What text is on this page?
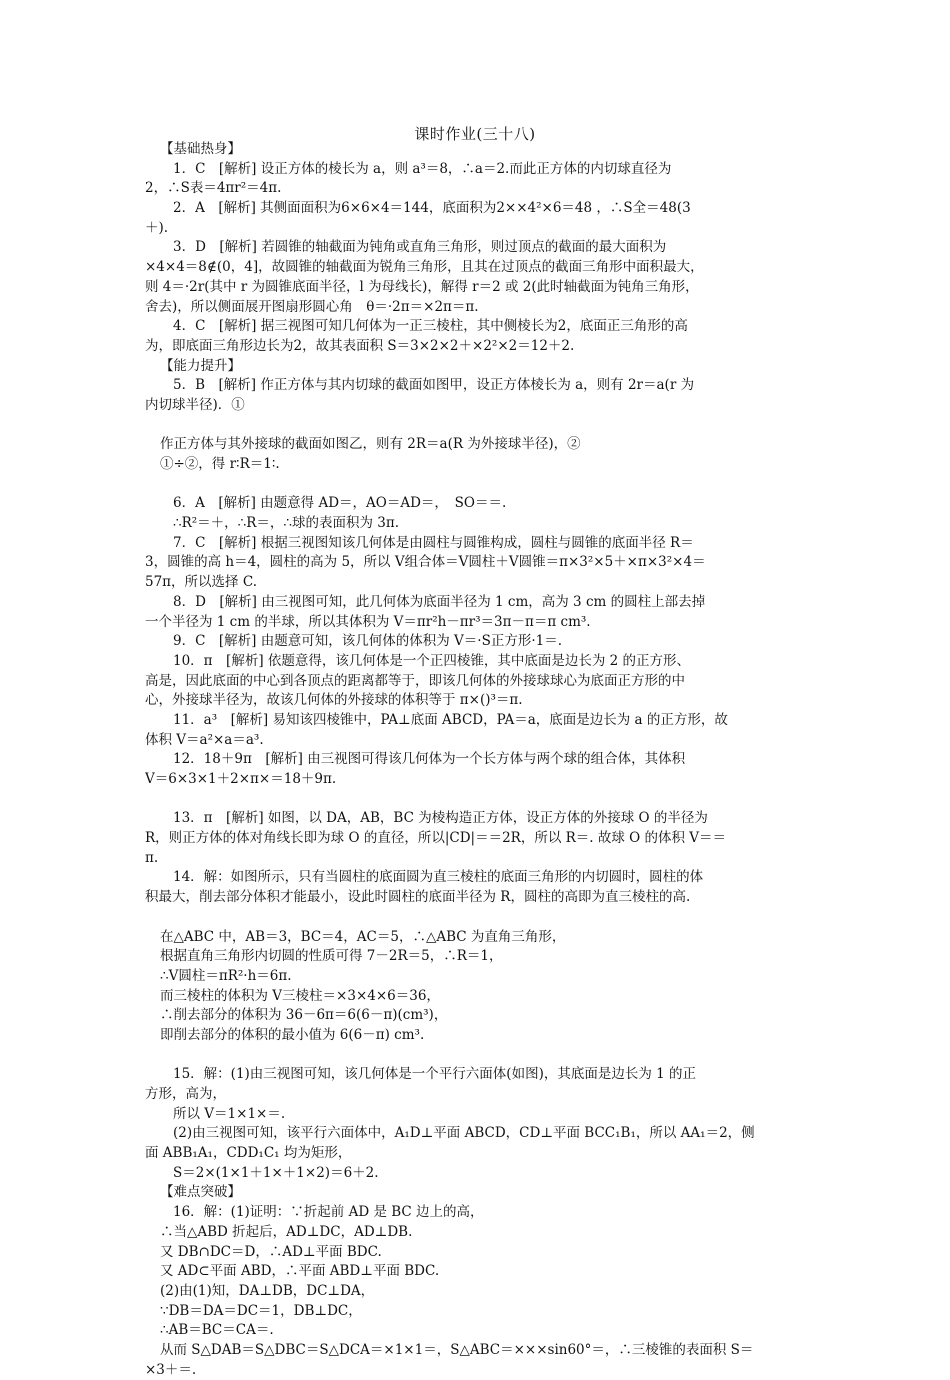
课时作业(三十八)
【基础热身】
1．C　[解析] 设正方体的棱长为 a，则 a³＝8，∴a＝2.而此正方体的内切球直径为
2，∴S表＝4πr²＝4π.
2．A　[解析] 其侧面面积为6×6×4＝144，底面积为2××4²×6＝48 ，∴S全＝48(3
＋).
3．D　[解析] 若圆锥的轴截面为钝角或直角三角形，则过顶点的截面的最大面积为
×4×4＝8∉(0，4]，故圆锥的轴截面为锐角三角形，且其在过顶点的截面三角形中面积最大，
则 4＝·2r(其中 r 为圆锥底面半径，l 为母线长)，解得 r＝2 或 2(此时轴截面为钝角三角形，
舍去)，所以侧面展开图扇形圆心角　θ＝·2π＝×2π＝π.
4．C　[解析] 据三视图可知几何体为一正三棱柱，其中侧棱长为2，底面正三角形的高
为，即底面三角形边长为2，故其表面积 S＝3×2×2＋×2²×2＝12＋2.
【能力提升】
5．B　[解析] 作正方体与其内切球的截面如图甲，设正方体棱长为 a，则有 2r＝a(r 为
内切球半径)．①
作正方体与其外接球的截面如图乙，则有 2R＝a(R 为外接球半径)，②
①÷②，得 r∶R＝1∶.
6．A　[解析] 由题意得 AD＝，AO＝AD＝，　SO＝＝.
∴R²＝＋，∴R＝，∴球的表面积为 3π.
7．C　[解析] 根据三视图知该几何体是由圆柱与圆锥构成，圆柱与圆锥的底面半径 R＝
3，圆锥的高 h＝4，圆柱的高为 5，所以 V组合体＝V圆柱＋V圆锥＝π×3²×5＋×π×3²×4＝
57π，所以选择 C.
8．D　[解析] 由三视图可知，此几何体为底面半径为 1 cm，高为 3 cm 的圆柱上部去掉
一个半径为 1 cm 的半球，所以其体积为 V＝πr²h－πr³＝3π－π＝π cm³.
9．C　[解析] 由题意可知，该几何体的体积为 V＝·S正方形·1＝.
10．π　[解析] 依题意得，该几何体是一个正四棱锥，其中底面是边长为 2 的正方形、
高是，因此底面的中心到各顶点的距离都等于，即该几何体的外接球球心为底面正方形的中
心，外接球半径为，故该几何体的外接球的体积等于 π×()³＝π.
11．a³　[解析] 易知该四棱锥中，PA⊥底面 ABCD，PA＝a，底面是边长为 a 的正方形，故
体积 V＝a²×a＝a³.
12．18＋9π　[解析] 由三视图可得该几何体为一个长方体与两个球的组合体，其体积
V＝6×3×1＋2×π×＝18＋9π.
13．π　[解析] 如图，以 DA，AB，BC 为棱构造正方体，设正方体的外接球 O 的半径为
R，则正方体的体对角线长即为球 O 的直径，所以|CD|＝＝2R，所以 R＝. 故球 O 的体积 V＝＝
π.
14．解：如图所示，只有当圆柱的底面圆为直三棱柱的底面三角形的内切圆时，圆柱的体
积最大，削去部分体积才能最小，设此时圆柱的底面半径为 R，圆柱的高即为直三棱柱的高.
在△ABC 中，AB＝3，BC＝4，AC＝5，∴△ABC 为直角三角形，
根据直角三角形内切圆的性质可得 7－2R＝5，∴R＝1，
∴V圆柱＝πR²·h＝6π.
而三棱柱的体积为 V三棱柱＝×3×4×6＝36，
∴削去部分的体积为 36－6π＝6(6－π)(cm³)，
即削去部分的体积的最小值为 6(6－π) cm³.
15．解：(1)由三视图可知，该几何体是一个平行六面体(如图)，其底面是边长为 1 的正
方形，高为，
所以 V＝1×1×＝.
(2)由三视图可知，该平行六面体中，A₁D⊥平面 ABCD，CD⊥平面 BCC₁B₁，所以 AA₁＝2，侧
面 ABB₁A₁，CDD₁C₁ 均为矩形，
S＝2×(1×1＋1×＋1×2)＝6＋2.
【难点突破】
16．解：(1)证明：∵折起前 AD 是 BC 边上的高，
∴当△ABD 折起后，AD⊥DC，AD⊥DB.
又 DB∩DC＝D，∴AD⊥平面 BDC.
又 AD⊂平面 ABD，∴平面 ABD⊥平面 BDC.
(2)由(1)知，DA⊥DB，DC⊥DA，
∵DB＝DA＝DC＝1，DB⊥DC，
∴AB＝BC＝CA＝.
从而 S△DAB＝S△DBC＝S△DCA＝×1×1＝，S△ABC＝×××sin60°＝，∴三棱锥的表面积 S＝
×3＋＝.
